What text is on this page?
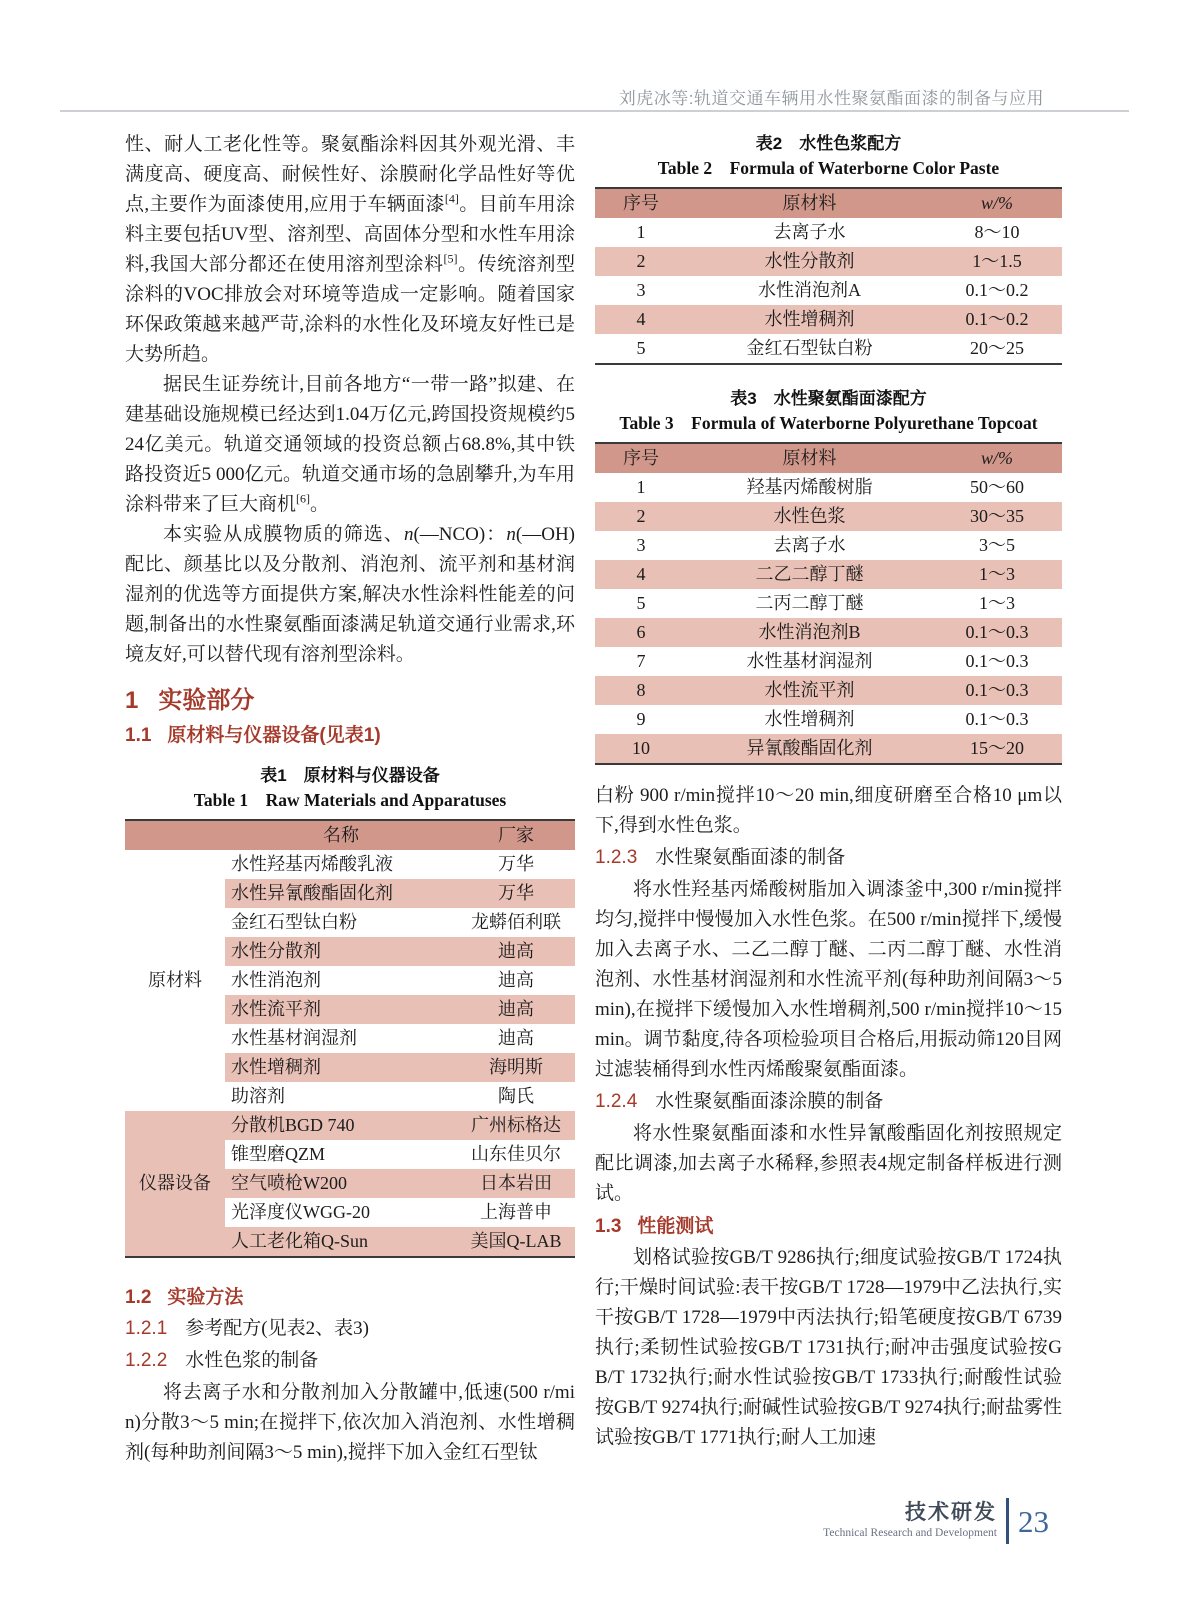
刘虎冰等:轨道交通车辆用水性聚氨酯面漆的制备与应用

性、耐人工老化性等。聚氨酯涂料因其外观光滑、丰满度高、硬度高、耐候性好、涂膜耐化学品性好等优点,主要作为面漆使用,应用于车辆面漆[4]。目前车用涂料主要包括UV型、溶剂型、高固体分型和水性车用涂料,我国大部分都还在使用溶剂型涂料[5]。传统溶剂型涂料的VOC排放会对环境等造成一定影响。随着国家环保政策越来越严苛,涂料的水性化及环境友好性已是大势所趋。

据民生证券统计,目前各地方“一带一路”拟建、在建基础设施规模已经达到1.04万亿元,跨国投资规模约524亿美元。轨道交通领域的投资总额占68.8%,其中铁路投资近5 000亿元。轨道交通市场的急剧攀升,为车用涂料带来了巨大商机[6]。

本实验从成膜物质的筛选、n(—NCO)：n(—OH)配比、颜基比以及分散剂、消泡剂、流平剂和基材润湿剂的优选等方面提供方案,解决水性涂料性能差的问题,制备出的水性聚氨酯面漆满足轨道交通行业需求,环境友好,可以替代现有溶剂型涂料。

1 实验部分
1.1 原材料与仪器设备(见表1)
表1　原材料与仪器设备
Table 1  Raw Materials and Apparatuses
	名称	厂家
原材料	水性羟基丙烯酸乳液	万华
	水性异氰酸酯固化剂	万华
	金红石型钛白粉	龙蟒佰利联
	水性分散剂	迪高
	水性消泡剂	迪高
	水性流平剂	迪高
	水性基材润湿剂	迪高
	水性增稠剂	海明斯
	助溶剂	陶氏
仪器设备	分散机BGD 740	广州标格达
	锥型磨QZM	山东佳贝尔
	空气喷枪W200	日本岩田
	光泽度仪WGG-20	上海普申
	人工老化箱Q-Sun	美国Q-LAB
1.2 实验方法
1.2.1 参考配方(见表2、表3)
1.2.2 水性色浆的制备

将去离子水和分散剂加入分散罐中,低速(500 r/min)分散3～5 min;在搅拌下,依次加入消泡剂、水性增稠剂(每种助剂间隔3～5 min),搅拌下加入金红石型钛

表2　水性色浆配方
Table 2  Formula of Waterborne Color Paste
序号	原材料	w/%
1	去离子水	8～10
2	水性分散剂	1～1.5
3	水性消泡剂A	0.1～0.2
4	水性增稠剂	0.1～0.2
5	金红石型钛白粉	20～25
表3　水性聚氨酯面漆配方
Table 3  Formula of Waterborne Polyurethane Topcoat
序号	原材料	w/%
1	羟基丙烯酸树脂	50～60
2	水性色浆	30～35
3	去离子水	3～5
4	二乙二醇丁醚	1～3
5	二丙二醇丁醚	1～3
6	水性消泡剂B	0.1～0.3
7	水性基材润湿剂	0.1～0.3
8	水性流平剂	0.1～0.3
9	水性增稠剂	0.1～0.3
10	异氰酸酯固化剂	15～20

白粉 900 r/min搅拌10～20 min,细度研磨至合格10 μm以下,得到水性色浆。

1.2.3 水性聚氨酯面漆的制备

将水性羟基丙烯酸树脂加入调漆釜中,300 r/min搅拌均匀,搅拌中慢慢加入水性色浆。在500 r/min搅拌下,缓慢加入去离子水、二乙二醇丁醚、二丙二醇丁醚、水性消泡剂、水性基材润湿剂和水性流平剂(每种助剂间隔3～5 min),在搅拌下缓慢加入水性增稠剂,500 r/min搅拌10～15 min。调节黏度,待各项检验项目合格后,用振动筛120目网过滤装桶得到水性丙烯酸聚氨酯面漆。

1.2.4 水性聚氨酯面漆涂膜的制备

将水性聚氨酯面漆和水性异氰酸酯固化剂按照规定配比调漆,加去离子水稀释,参照表4规定制备样板进行测试。

1.3 性能测试

划格试验按GB/T 9286执行;细度试验按GB/T 1724执行;干燥时间试验:表干按GB/T 1728—1979中乙法执行,实干按GB/T 1728—1979中丙法执行;铅笔硬度按GB/T 6739执行;柔韧性试验按GB/T 1731执行;耐冲击强度试验按GB/T 1732执行;耐水性试验按GB/T 1733执行;耐酸性试验按GB/T 9274执行;耐碱性试验按GB/T 9274执行;耐盐雾性试验按GB/T 1771执行;耐人工加速

技术研发
Technical Research and Development 23
